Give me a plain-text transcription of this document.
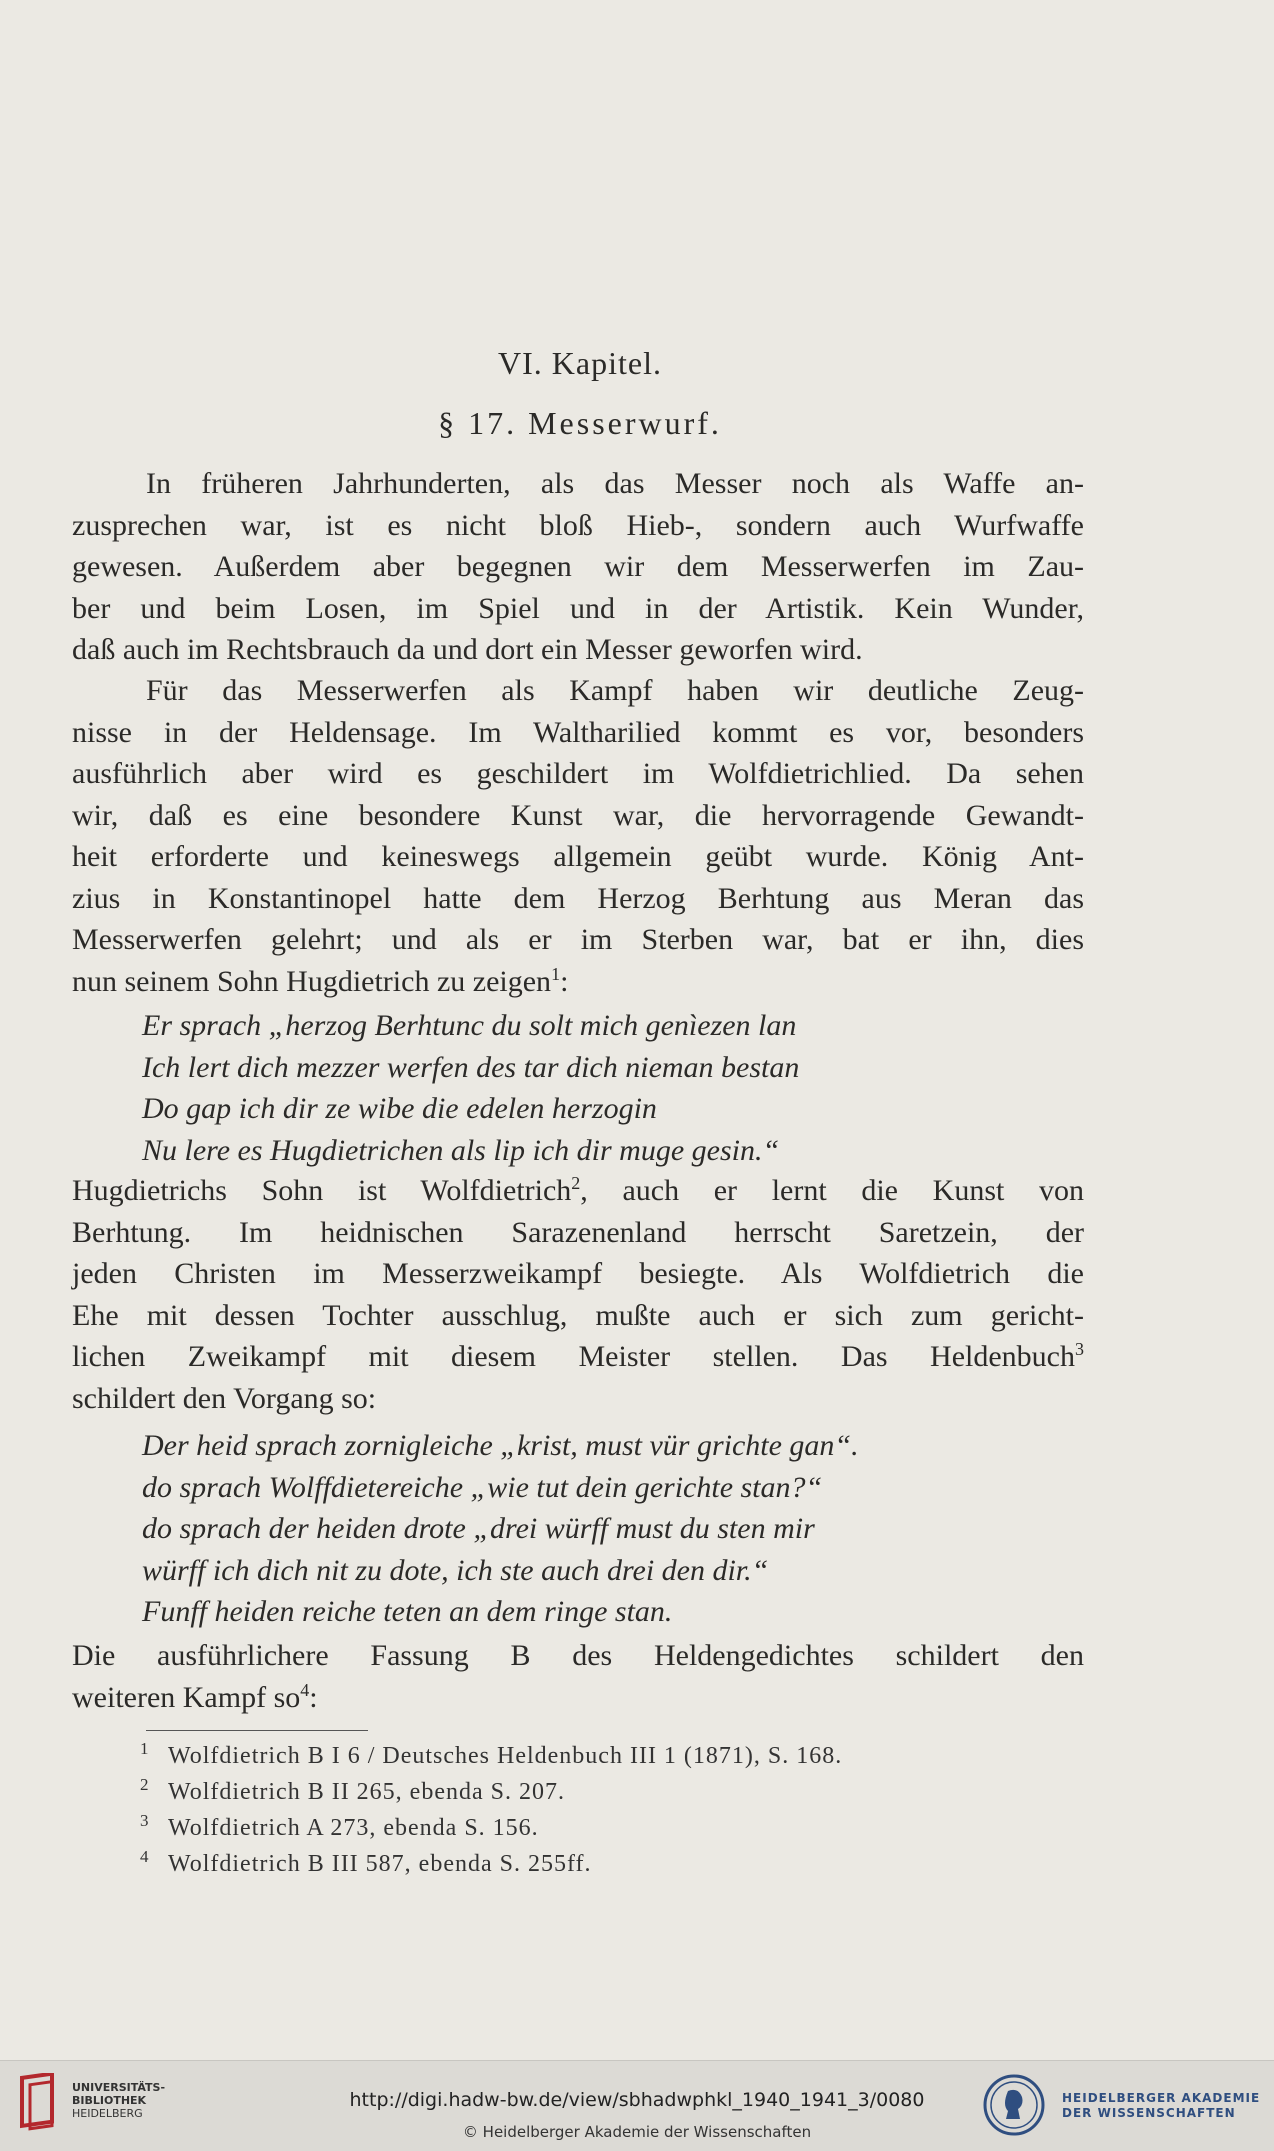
VI. Kapitel.
§ 17. Messerwurf.
In früheren Jahrhunderten, als das Messer noch als Waffe an-
zusprechen war, ist es nicht bloß Hieb-, sondern auch Wurfwaffe
gewesen. Außerdem aber begegnen wir dem Messerwerfen im Zau-
ber und beim Losen, im Spiel und in der Artistik. Kein Wunder,
daß auch im Rechtsbrauch da und dort ein Messer geworfen wird.
Für das Messerwerfen als Kampf haben wir deutliche Zeug-
nisse in der Heldensage. Im Waltharilied kommt es vor, besonders
ausführlich aber wird es geschildert im Wolfdietrichlied. Da sehen
wir, daß es eine besondere Kunst war, die hervorragende Gewandt-
heit erforderte und keineswegs allgemein geübt wurde. König Ant-
zius in Konstantinopel hatte dem Herzog Berhtung aus Meran das
Messerwerfen gelehrt; und als er im Sterben war, bat er ihn, dies
nun seinem Sohn Hugdietrich zu zeigen$^1$:
Er sprach „herzog Berhtunc du solt mich genìezen lan
Ich lert dich mezzer werfen des tar dich nieman bestan
Do gap ich dir ze wibe die edelen herzogin
Nu lere es Hugdietrichen als lip ich dir muge gesin.“
Hugdietrichs Sohn ist Wolfdietrich$^2$, auch er lernt die Kunst von
Berhtung. Im heidnischen Sarazenenland herrscht Saretzein, der
jeden Christen im Messerzweikampf besiegte. Als Wolfdietrich die
Ehe mit dessen Tochter ausschlug, mußte auch er sich zum gericht-
lichen Zweikampf mit diesem Meister stellen. Das Heldenbuch$^3$
schildert den Vorgang so:
Der heid sprach zornigleiche „krist, must vür grichte gan“.
do sprach Wolffdietereiche „wie tut dein gerichte stan?“
do sprach der heiden drote „drei würff must du sten mir
würff ich dich nit zu dote, ich ste auch drei den dir.“
Funff heiden reiche teten an dem ringe stan.
Die ausführlichere Fassung B des Heldengedichtes schildert den
weiteren Kampf $so^4$:
1 Wolfdietrich B I 6 / Deutsches Heldenbuch III 1 (1871), S. 168.
2 Wolfdietrich B II 265, ebenda S. 207.
3 Wolfdietrich A 273, ebenda S. 156.
4 Wolfdietrich B III 587, ebenda S. 255ff.
UNIVERSITÄTS-
BIBLIOTHEK
HEIDELBERG
http://digi.hadw-bw.de/view/sbhadwphkl_1940_1941_3/0080
© Heidelberger Akademie der Wissenschaften
HEIDELBERGER AKADEMIE
DER WISSENSCHAFTEN
